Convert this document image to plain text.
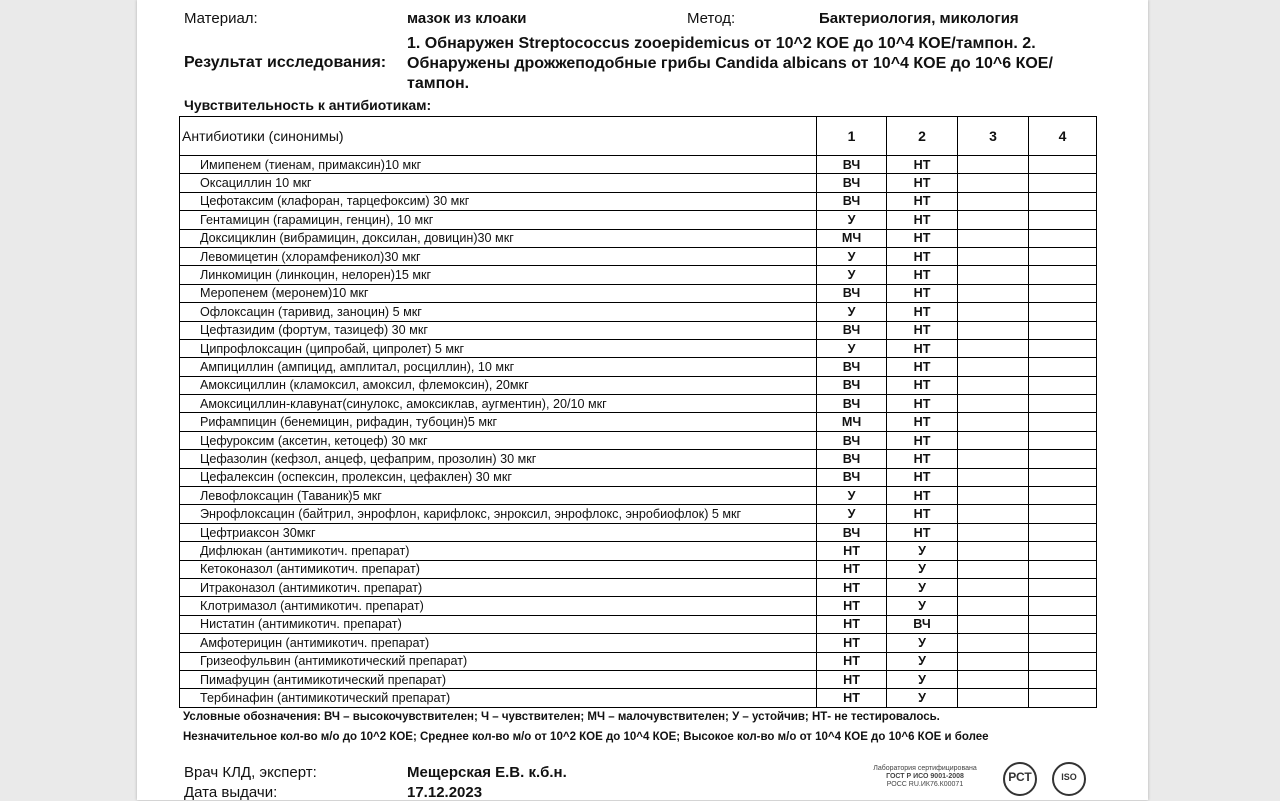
Материал:	мазок из клоаки	Метод:	Бактериология, микология
Результат исследования:
1. Обнаружен Streptococcus zooepidemicus от 10^2 КОЕ до 10^4 КОЕ/тампон. 2. Обнаружены дрожжеподобные грибы Candida albicans от 10^4 КОЕ до 10^6 КОЕ/тампон.
Чувствительность к антибиотикам:
Антибиотики (синонимы)	1	2	3	4
Имипенем (тиенам, примаксин)10 мкг	ВЧ	НТ		
Оксациллин 10 мкг	ВЧ	НТ		
Цефотаксим (клафоран, тарцефоксим) 30 мкг	ВЧ	НТ		
Гентамицин (гарамицин, генцин), 10 мкг	У	НТ		
Доксициклин (вибрамицин, доксилан, довицин)30 мкг	МЧ	НТ		
Левомицетин (хлорамфеникол)30 мкг	У	НТ		
Линкомицин (линкоцин, нелорен)15 мкг	У	НТ		
Меропенем (меронем)10 мкг	ВЧ	НТ		
Офлоксацин (таривид, заноцин) 5 мкг	У	НТ		
Цефтазидим (фортум, тазицеф) 30 мкг	ВЧ	НТ		
Ципрофлоксацин (ципробай, ципролет) 5 мкг	У	НТ		
Ампициллин (ампицид, амплитал, росциллин), 10 мкг	ВЧ	НТ		
Амоксициллин (кламоксил, амоксил, флемоксин), 20мкг	ВЧ	НТ		
Амоксициллин-клавунат(синулокс, амоксиклав, аугментин), 20/10 мкг	ВЧ	НТ		
Рифампицин (бенемицин, рифадин, тубоцин)5 мкг	МЧ	НТ		
Цефуроксим (аксетин, кетоцеф) 30 мкг	ВЧ	НТ		
Цефазолин (кефзол, анцеф, цефаприм, прозолин) 30 мкг	ВЧ	НТ		
Цефалексин (оспексин, пролексин, цефаклен) 30 мкг	ВЧ	НТ		
Левофлоксацин (Таваник)5 мкг	У	НТ		
Энрофлоксацин (байтрил, энрофлон, карифлокс, энроксил, энрофлокс, энробиофлок) 5 мкг	У	НТ		
Цефтриаксон 30мкг	ВЧ	НТ		
Дифлюкан (антимикотич. препарат)	НТ	У		
Кетоконазол (антимикотич. препарат)	НТ	У		
Итраконазол (антимикотич. препарат)	НТ	У		
Клотримазол (антимикотич. препарат)	НТ	У		
Нистатин (антимикотич. препарат)	НТ	ВЧ		
Амфотерицин (антимикотич. препарат)	НТ	У		
Гризеофульвин (антимикотический препарат)	НТ	У		
Пимафуцин (антимикотический препарат)	НТ	У		
Тербинафин (антимикотический препарат)	НТ	У		
Условные обозначения: ВЧ – высокочувствителен; Ч – чувствителен; МЧ – малочувствителен; У – устойчив; НТ- не тестировалось.
Незначительное кол-во м/о до 10^2 КОЕ; Среднее кол-во м/о от 10^2 КОЕ до 10^4 КОЕ; Высокое кол-во м/о от 10^4 КОЕ до 10^6 КОЕ и более
Врач КЛД, эксперт:	Мещерская Е.В. к.б.н.
Дата выдачи:	17.12.2023
Лаборатория сертифицирована
ГОСТ Р ИСО 9001-2008
РОСС RU.ИК76.К00071
РСТ	ISO
